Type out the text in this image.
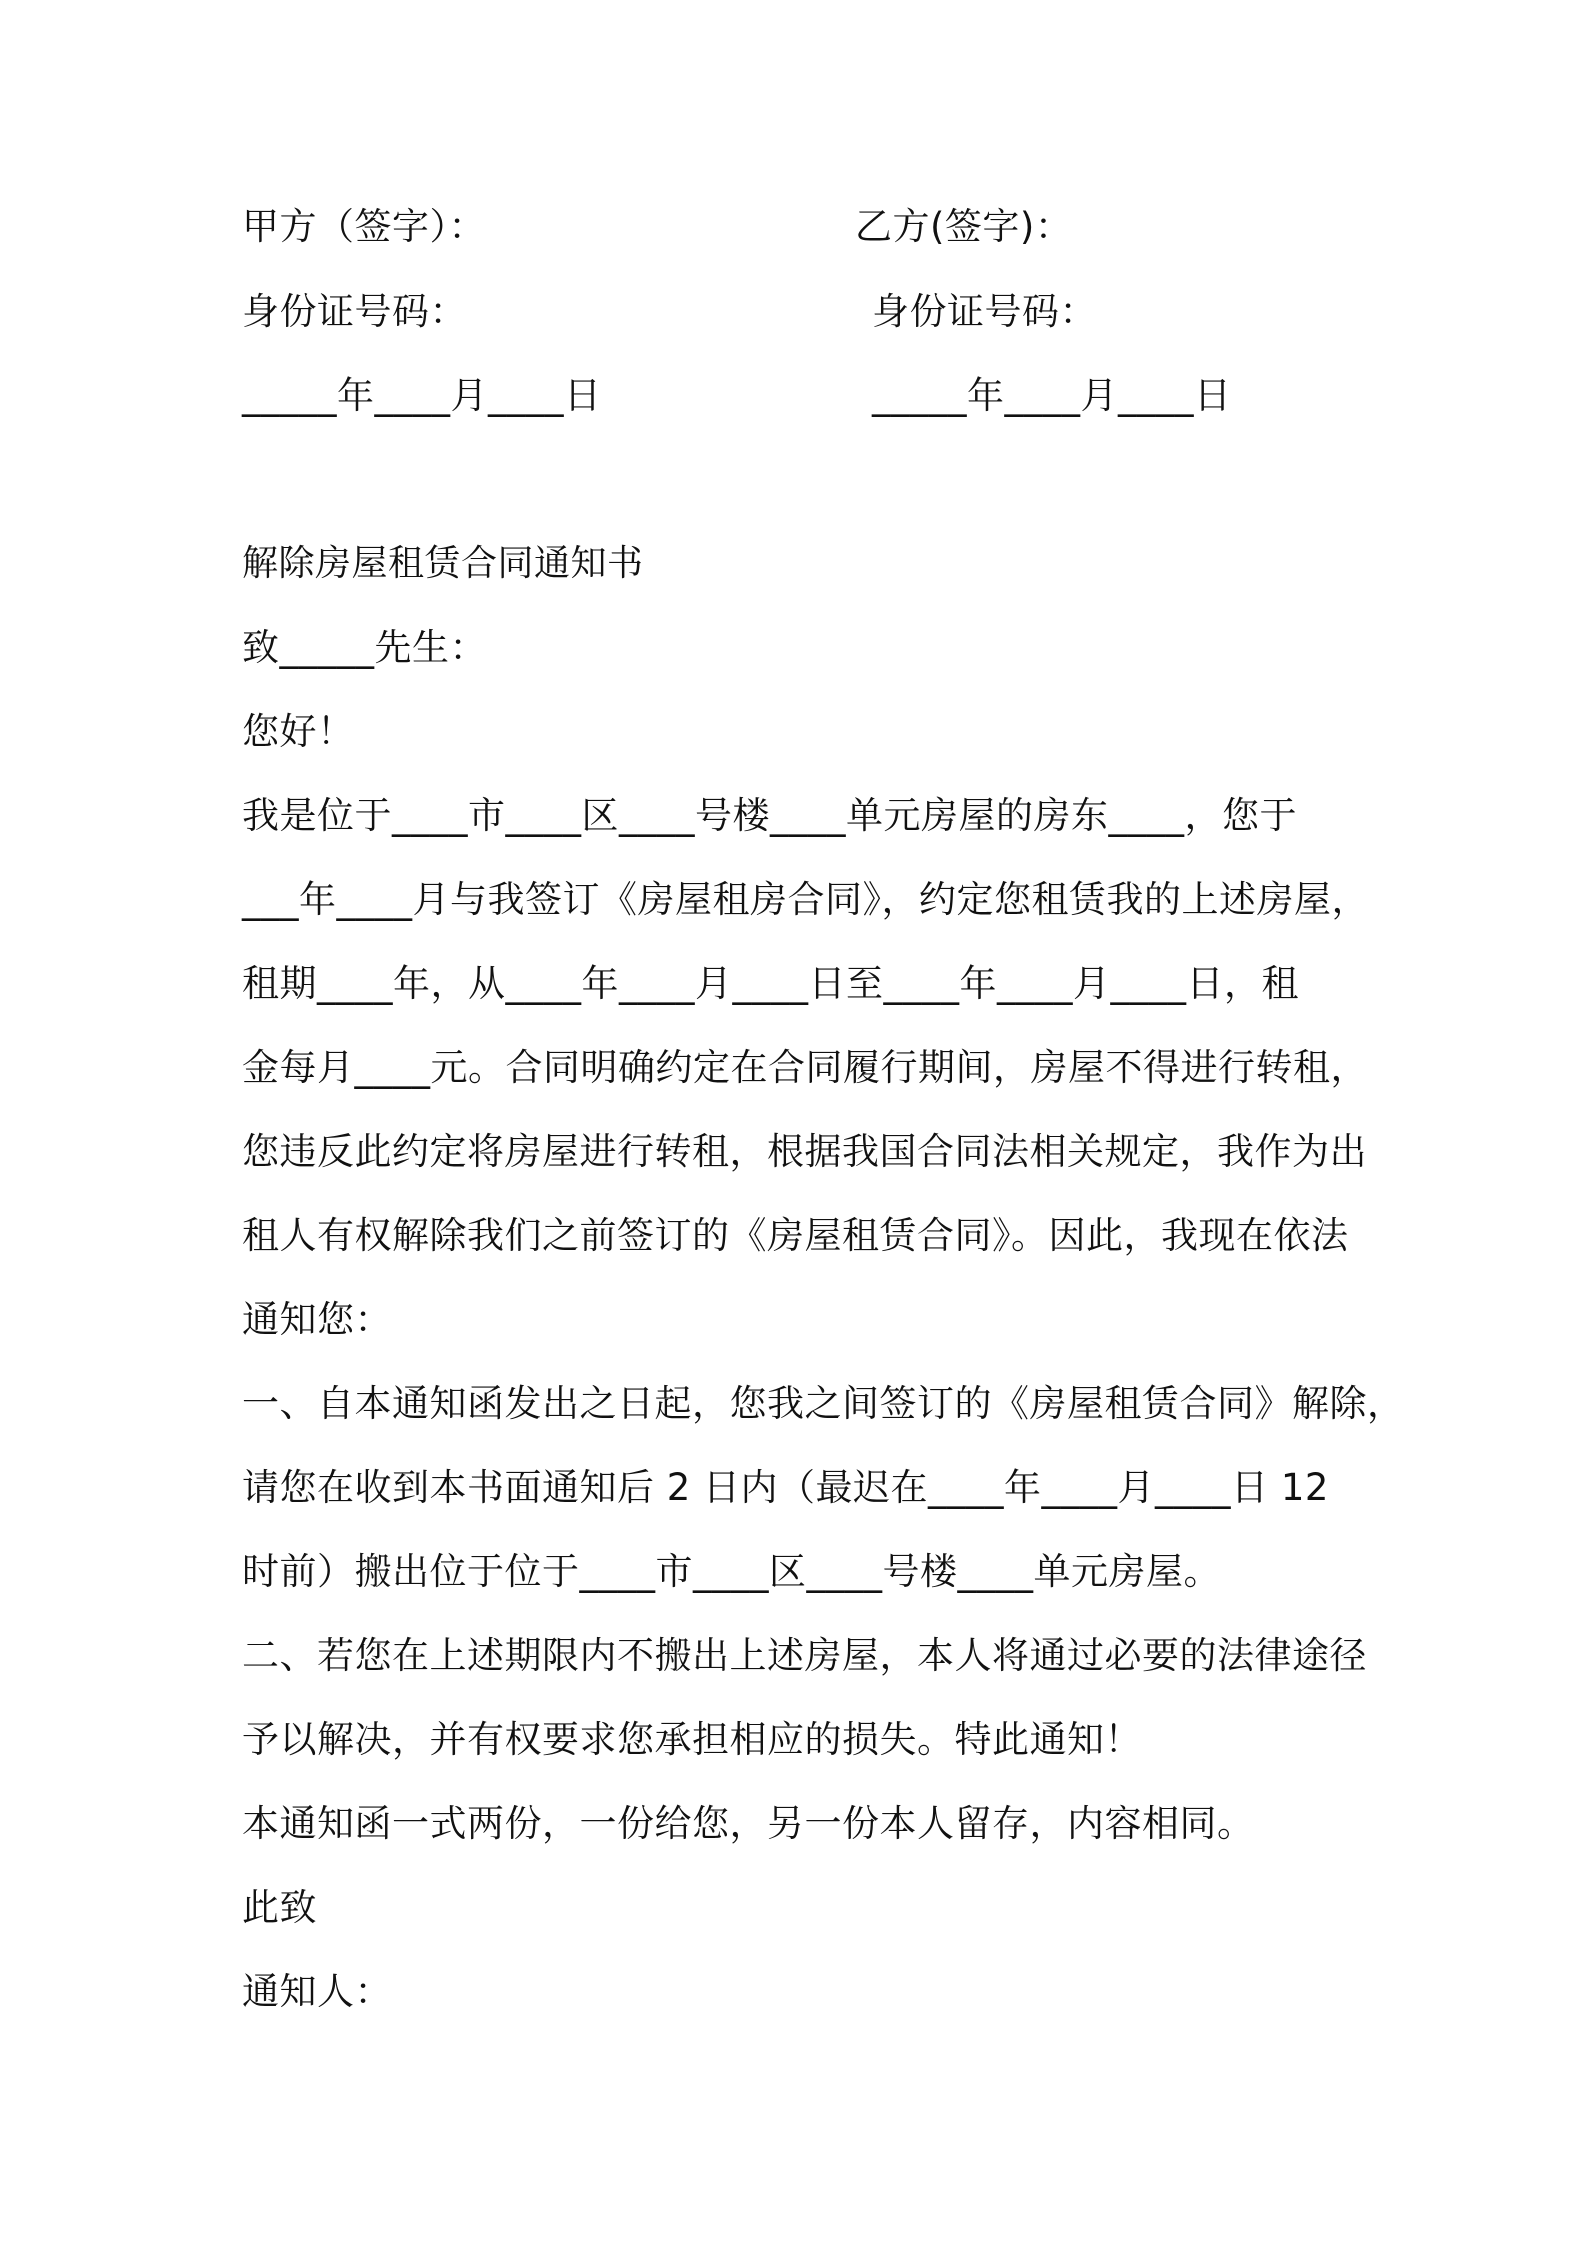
甲方（签字）：	乙方(签字)：
身份证号码：	身份证号码：
_____年____月____日	_____年____月____日
解除房屋租赁合同通知书
致_____先生：
您好！
我是位于____市____区____号楼____单元房屋的房东____，您于
___年____月与我签订《房屋租房合同》，约定您租赁我的上述房屋，
租期____年，从____年____月____日至____年____月____日，租
金每月____元。合同明确约定在合同履行期间，房屋不得进行转租，
您违反此约定将房屋进行转租，根据我国合同法相关规定，我作为出
租人有权解除我们之前签订的《房屋租赁合同》。因此，我现在依法
通知您：
一、自本通知函发出之日起，您我之间签订的《房屋租赁合同》解除，
请您在收到本书面通知后 2 日内（最迟在____年____月____日 12
时前）搬出位于位于____市____区____号楼____单元房屋。
二、若您在上述期限内不搬出上述房屋，本人将通过必要的法律途径
予以解决，并有权要求您承担相应的损失。特此通知！
本通知函一式两份，一份给您，另一份本人留存，内容相同。
此致
通知人：
